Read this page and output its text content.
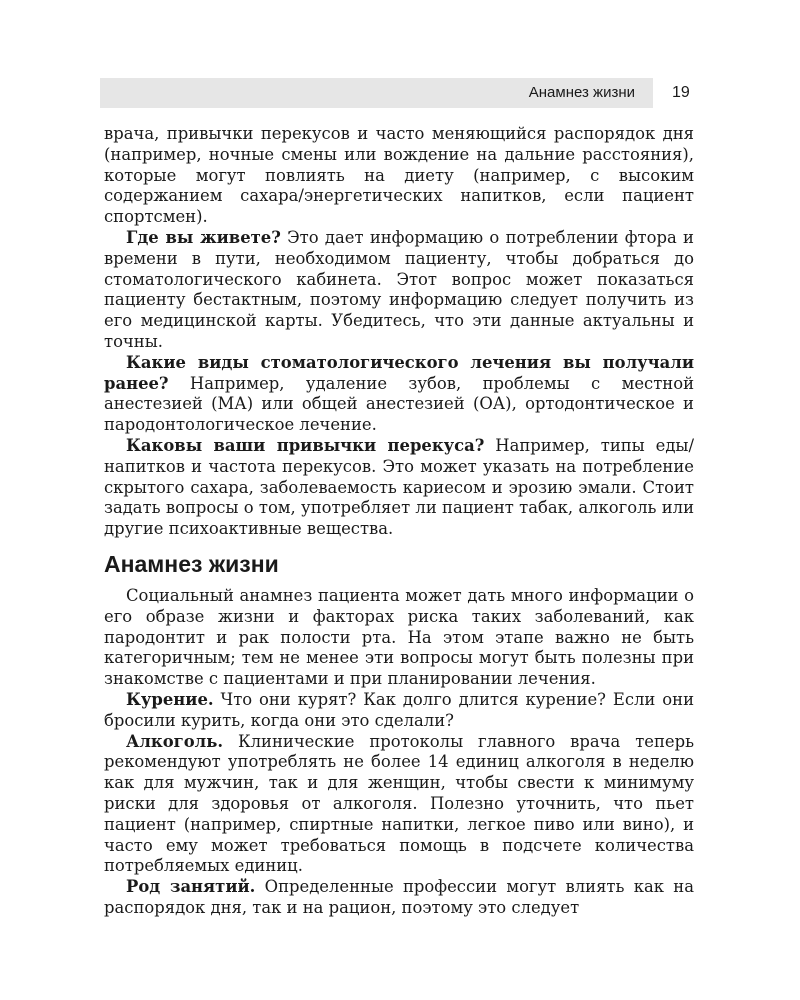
Анамнез жизни 19

врача, привычки перекусов и часто меняющийся распорядок дня (например, ночные смены или вождение на дальние расстояния), которые могут повлиять на диету (например, с высоким содержанием сахара/энергетических напитков, если пациент спортсмен).

Где вы живете? Это дает информацию о потреблении фтора и времени в пути, необходимом пациенту, чтобы добраться до стоматологического кабинета. Этот вопрос может показаться пациенту бестактным, поэтому информацию следует получить из его медицинской карты. Убедитесь, что эти данные актуальны и точны.

Какие виды стоматологического лечения вы получали ранее? Например, удаление зубов, проблемы с местной анестезией (МА) или общей анестезией (ОА), ортодонтическое и пародонтологическое лечение.

Каковы ваши привычки перекуса? Например, типы еды/напитков и частота перекусов. Это может указать на потребление скрытого сахара, заболеваемость кариесом и эрозию эмали. Стоит задать вопросы о том, употребляет ли пациент табак, алкоголь или другие психоактивные вещества.

Анамнез жизни

Социальный анамнез пациента может дать много информации о его образе жизни и факторах риска таких заболеваний, как пародонтит и рак полости рта. На этом этапе важно не быть категоричным; тем не менее эти вопросы могут быть полезны при знакомстве с пациентами и при планировании лечения.

Курение. Что они курят? Как долго длится курение? Если они бросили курить, когда они это сделали?

Алкоголь. Клинические протоколы главного врача теперь рекомендуют употреблять не более 14 единиц алкоголя в неделю как для мужчин, так и для женщин, чтобы свести к минимуму риски для здоровья от алкоголя. Полезно уточнить, что пьет пациент (например, спиртные напитки, легкое пиво или вино), и часто ему может требоваться помощь в подсчете количества потребляемых единиц.

Род занятий. Определенные профессии могут влиять как на распорядок дня, так и на рацион, поэтому это следует
